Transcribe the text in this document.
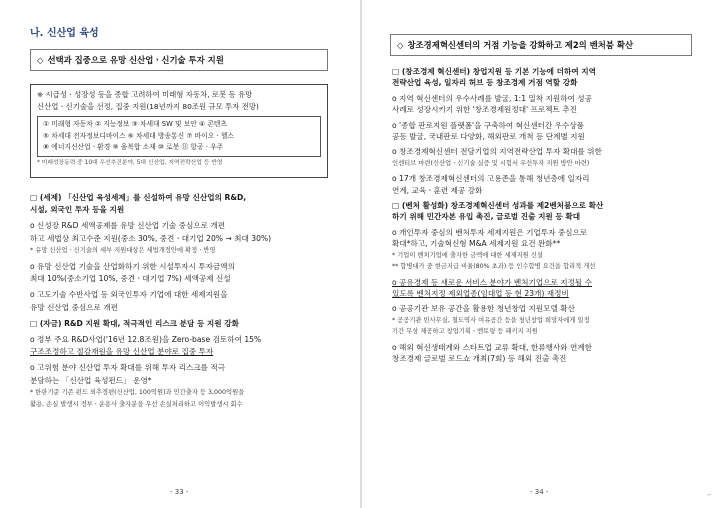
나. 신산업 육성
◇ 선택과 집중으로 유망 신산업ㆍ신기술 투자 지원
※ 시급성ㆍ성장성 등을 종합 고려하여 미래형 자동차, 로봇 등 유망
신산업ㆍ신기술을 선정, 집중 지원(18년까지 80조원 규모 투자 전망)
① 미래형 자동차 ② 지능정보 ③ 차세대 SW 및 보안 ④ 콘텐츠
⑤ 차세대 전자정보디바이스 ⑥ 차세대 방송통신 ⑦ 바이오ㆍ헬스
⑧ 에너지신산업ㆍ환경 ⑨ 융복합 소재 ⑩ 로봇 ⑪ 항공ㆍ우주
* 미래성장동력 중 10대 우선추진분야, 5대 신산업, 지역전략산업 등 반영
□ (세제) 「신산업 육성세제」를 신설하여 유망 신산업의 R&D,
시설, 외국인 투자 등을 지원
o 신성장 R&D 세액공제를 유망 신산업 기술 중심으로 개편
하고 세법상 최고수준 지원(중소 30%, 중견ㆍ대기업 20% → 최대 30%)
* 유망 신산업ㆍ신기술의 세부 지원대상은 세법개정안에 확정ㆍ반영
o 유망 신산업 기술을 산업화하기 위한 시설투자시 투자금액의
최대 10%(중소기업 10%, 중견ㆍ대기업 7%) 세액공제 신설
o 고도기술 수반사업 등 외국인투자 기업에 대한 세제지원을
유망 신산업 중심으로 개편
□ (자금) R&D 지원 확대, 적극적인 리스크 분담 등 지원 강화
o 정부 주요 R&D사업('16년 12.8조원)을 Zero-base 검토하여 15%
구조조정하고 절감재원을 유망 신산업 분야로 집중 투자
o 고위험 분야 신산업 투자 확대를 위해 투자 리스크를 적극
분담하는 「신산업 육성펀드」 운영*
* 한판기준 기존 펀드 외추경편(신산업, 100억원)과 민간출자 등 3,000억원을
활용, 손실 발생시 정부ㆍ운용사 출자분을 우선 손실처리하고 이익발생시 회수
- 33 -
◇ 창조경제혁신센터의 거점 기능을 강화하고 제2의 벤처붐 확산
□ (창조경제 혁신센터) 창업지원 등 기본 기능에 더하여 지역
전략산업 육성, 일자리 허브 등 창조경제 거점 역할 강화
o 지역 혁신센터의 우수사례를 발굴, 1:1 밀착 지원하여 성공
사례로 성장시키기 위한 '창조경제원정대' 프로젝트 추진
o '종합 판로지원 플랫폼'을 구축하여 혁신센터간 우수상품
공동 발굴, 국내판로 다양화, 해외판로 개척 등 단계별 지원
o 창조경제혁신센터 전담기업의 지역전략산업 투자 확대를 위한
인센티브 마련(신산업ㆍ신기술 실증 및 시험서 우선투자 지원 방안 마련)
o 17개 창조경제혁신센터의 고용존을 통해 청년층에 일자리
연계, 교육ㆍ훈련 제공 강화
□ (벤처 활성화) 창조경제혁신센터 성과를 제2벤처붐으로 확산
하기 위해 민간자본 유입 촉진, 글로벌 진출 지원 등 확대
o 개인투자 중심의 벤처투자 세제지원은 기업투자 중심으로
확대*하고, 기술혁신형 M&A 세제지원 요건 완화**
* 기업이 벤처기업에 출자한 금액에 대한 세제지원 신설
** 합병대가 중 현금지급 비율(80% 초과) 등 인수합병 요건을 합리적 개선
o 공유경제 등 새로운 서비스 분야가 벤처기업으로 지정될 수
있도록 벤처지정 제외업종(임대업 등 현 23개) 재정비
o 공공기관 보유 공간을 활용한 청년창업 지원모델 확산
* 공공기관 빈사무실, 철도역사 여유공간 등을 청년창업 희망자에게 일정
기간 무상 제공하고 창업기획ㆍ멘토링 등 패키지 지원
o 해외 혁신생태계와 스타트업 교류 확대, 한류행사와 연계한
창조경제 글로벌 로드쇼 개최(7회) 등 해외 진출 촉진
- 34 -	⌐
